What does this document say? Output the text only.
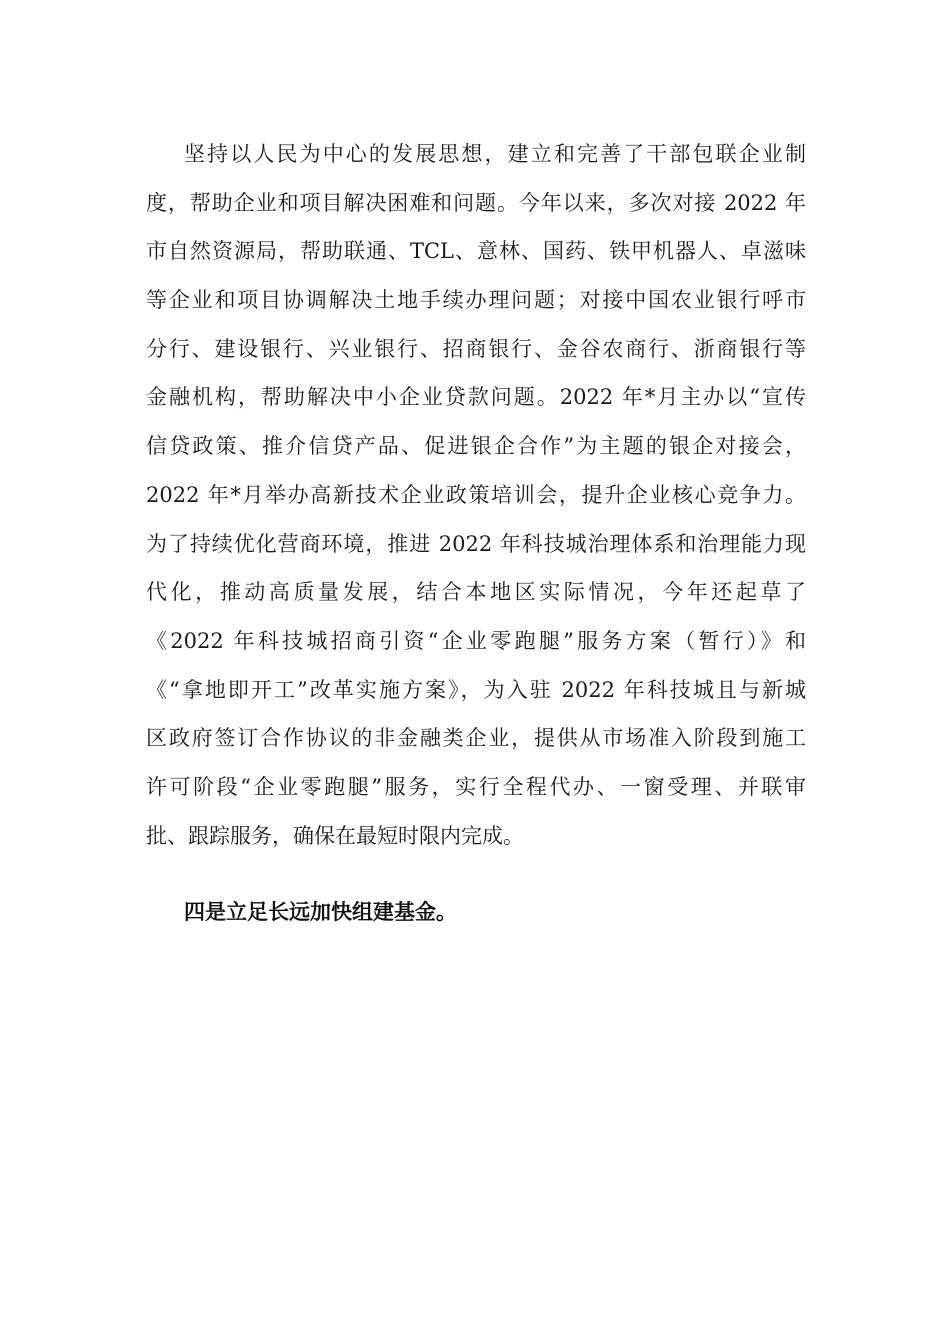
坚持以人民为中心的发展思想，建立和完善了干部包联企业制
度，帮助企业和项目解决困难和问题。今年以来，多次对接 2022 年
市自然资源局，帮助联通、TCL、意林、国药、铁甲机器人、卓滋味
等企业和项目协调解决土地手续办理问题；对接中国农业银行呼市
分行、建设银行、兴业银行、招商银行、金谷农商行、浙商银行等
金融机构，帮助解决中小企业贷款问题。2022 年*月主办以“宣传
信贷政策、推介信贷产品、促进银企合作”为主题的银企对接会，
2022 年*月举办高新技术企业政策培训会，提升企业核心竞争力。
为了持续优化营商环境，推进 2022 年科技城治理体系和治理能力现
代化，推动高质量发展，结合本地区实际情况，今年还起草了
《2022 年科技城招商引资“企业零跑腿”服务方案（暂行）》和
《“拿地即开工”改革实施方案》，为入驻 2022 年科技城且与新城
区政府签订合作协议的非金融类企业，提供从市场准入阶段到施工
许可阶段“企业零跑腿”服务，实行全程代办、一窗受理、并联审
批、跟踪服务，确保在最短时限内完成。
四是立足长远加快组建基金。
